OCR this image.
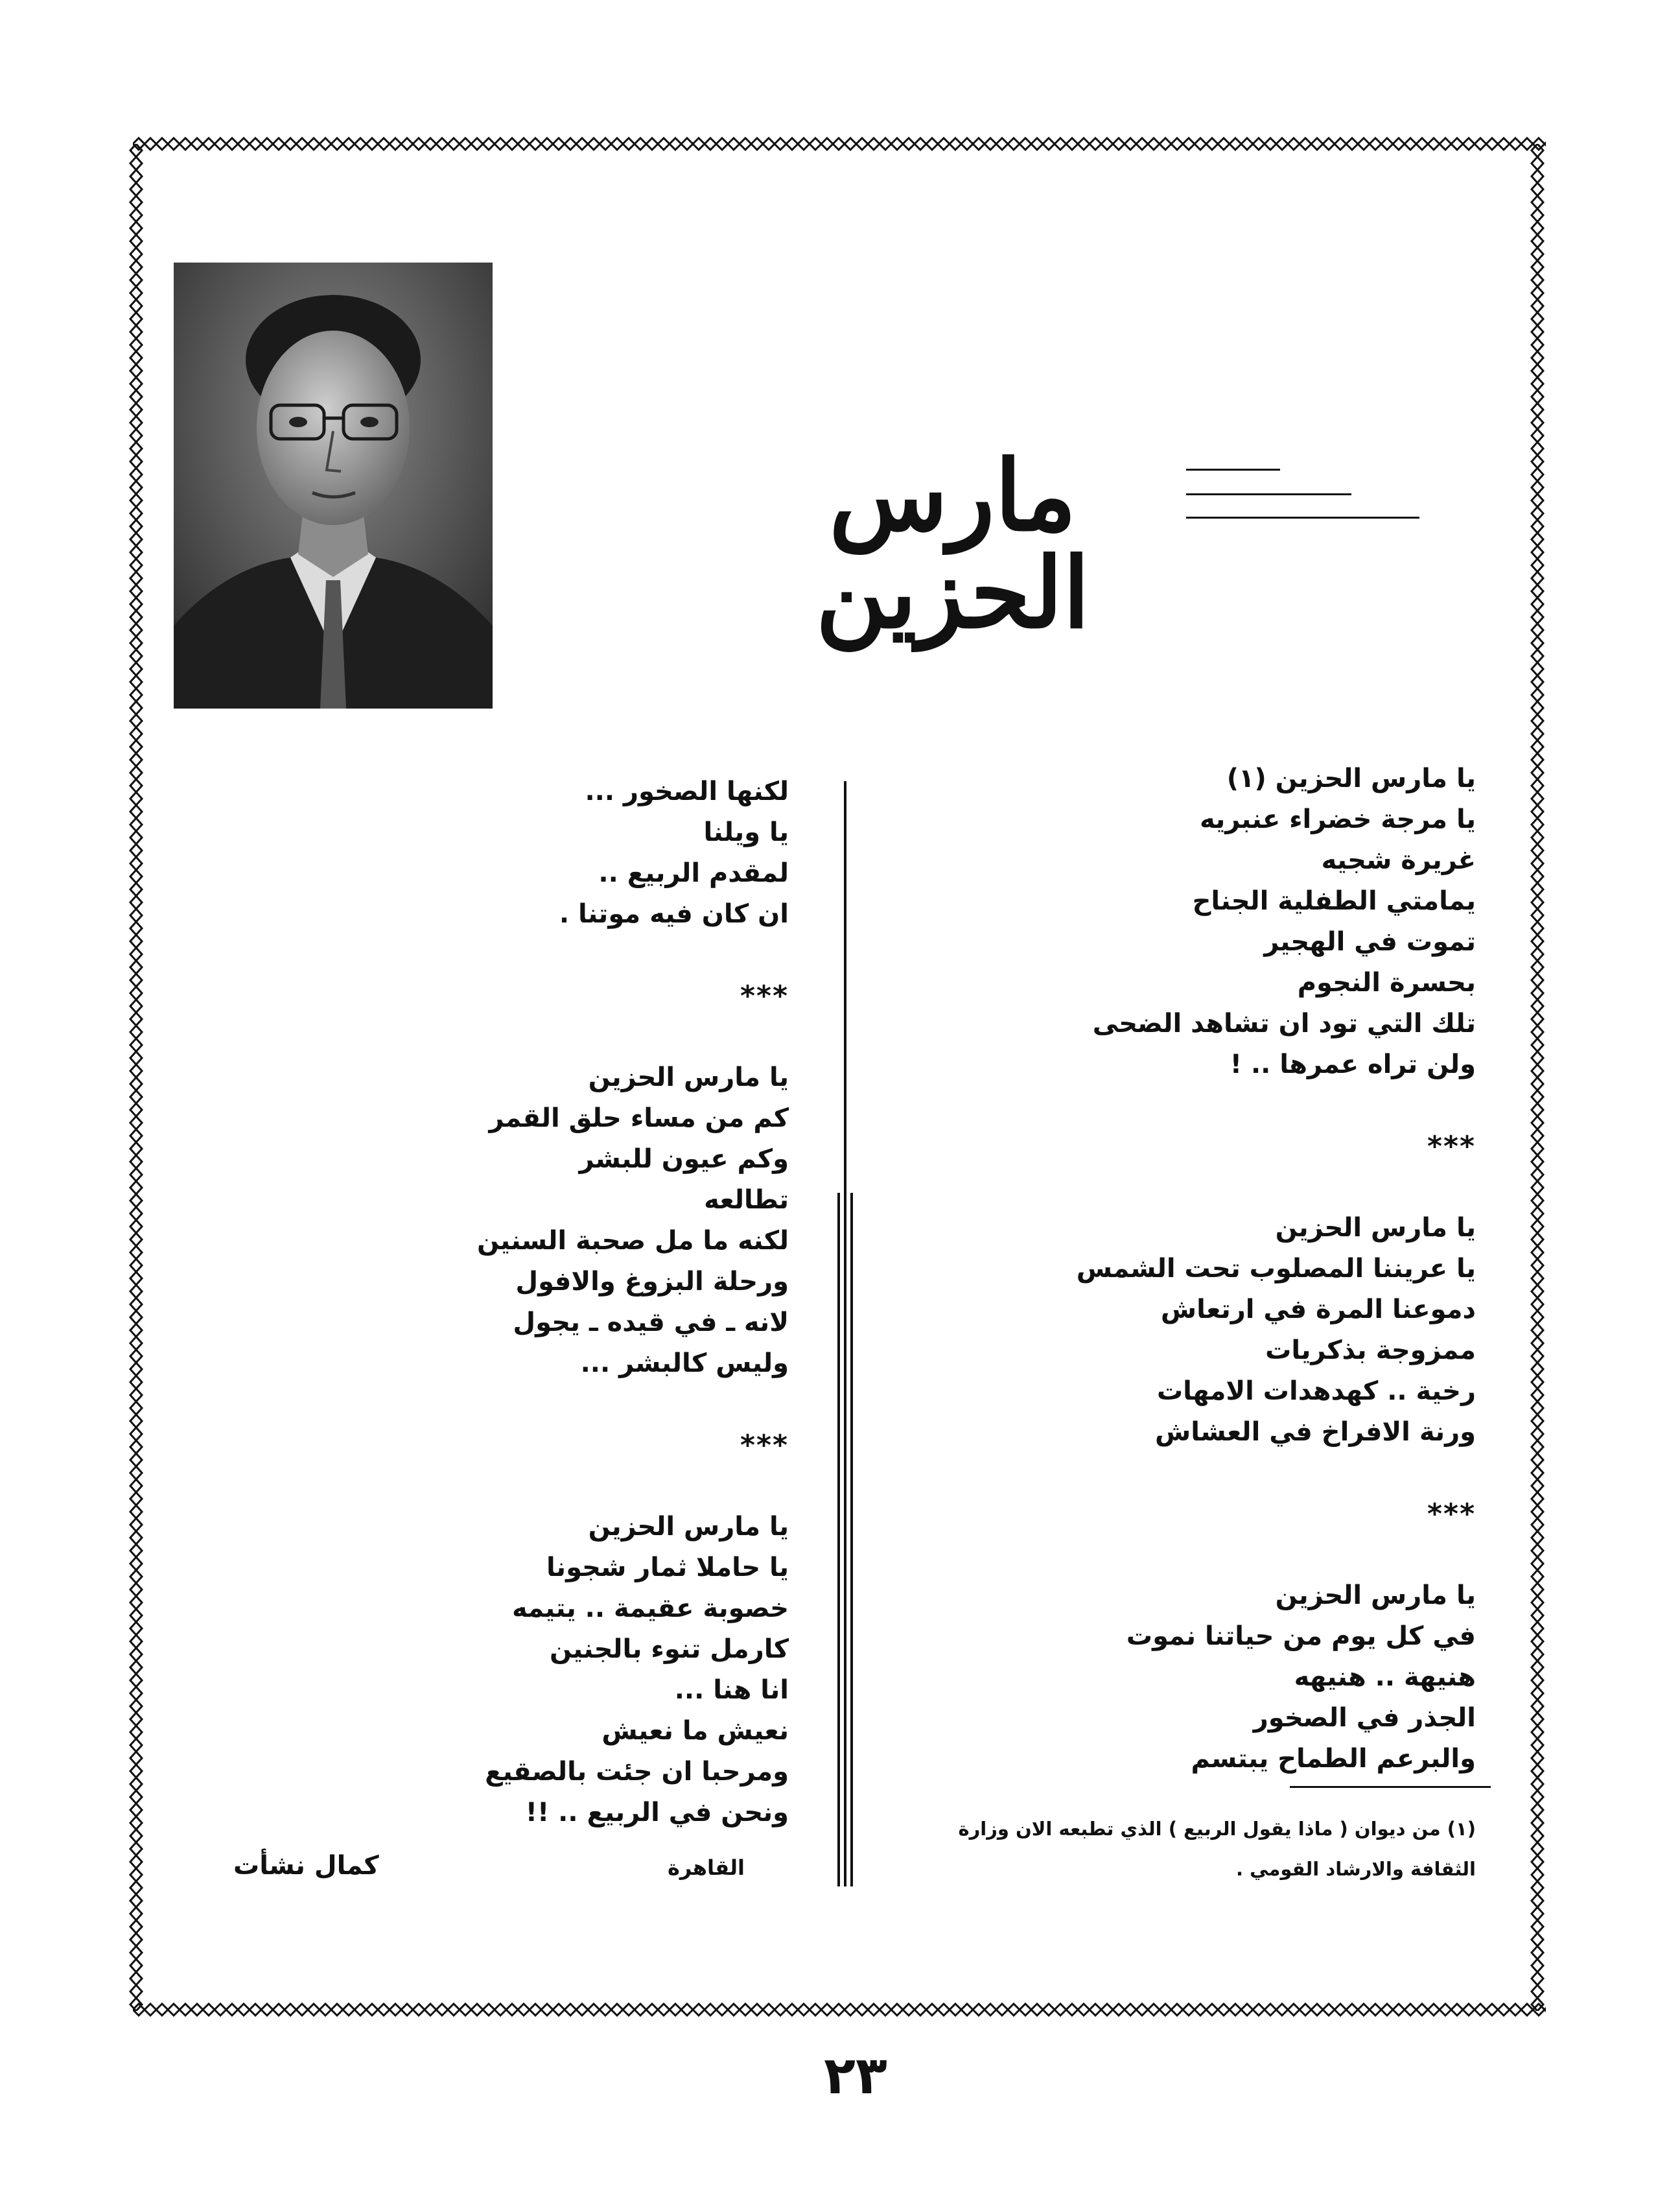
مارس الحزين
يا مارس الحزين (١)
يا مرجة خضراء عنبريه
غريرة شجيه
يمامتي الطفلية الجناح
تموت في الهجير
بحسرة النجوم
تلك التي تود ان تشاهد الضحى
ولن تراه عمرها .. !

***

يا مارس الحزين
يا عريننا المصلوب تحت الشمس
دموعنا المرة في ارتعاش
ممزوجة بذكريات
رخية .. كهدهدات الامهات
ورنة الافراخ في العشاش

***

يا مارس الحزين
في كل يوم من حياتنا نموت
هنيهة .. هنيهه
الجذر في الصخور
والبرعم الطماح يبتسم
لكنها الصخور ...
يا ويلنا
لمقدم الربيع ..
ان كان فيه موتنا .

***

يا مارس الحزين
كم من مساء حلق القمر
وكم عيون للبشر
تطالعه
لكنه ما مل صحبة السنين
ورحلة البزوغ والافول
لانه ـ في قيده ـ يجول
وليس كالبشر ...

***

يا مارس الحزين
يا حاملا ثمار شجونا
خصوبة عقيمة .. يتيمه
كارمل تنوء بالجنين
انا هنا ...
نعيش ما نعيش
ومرحبا ان جئت بالصقيع
ونحن في الربيع .. !!
(١) من ديوان ( ماذا يقول الربيع ) الذي تطبعه الان وزارة
الثقافة والارشاد القومي .
كمال نشأت	القاهرة
٢٣
